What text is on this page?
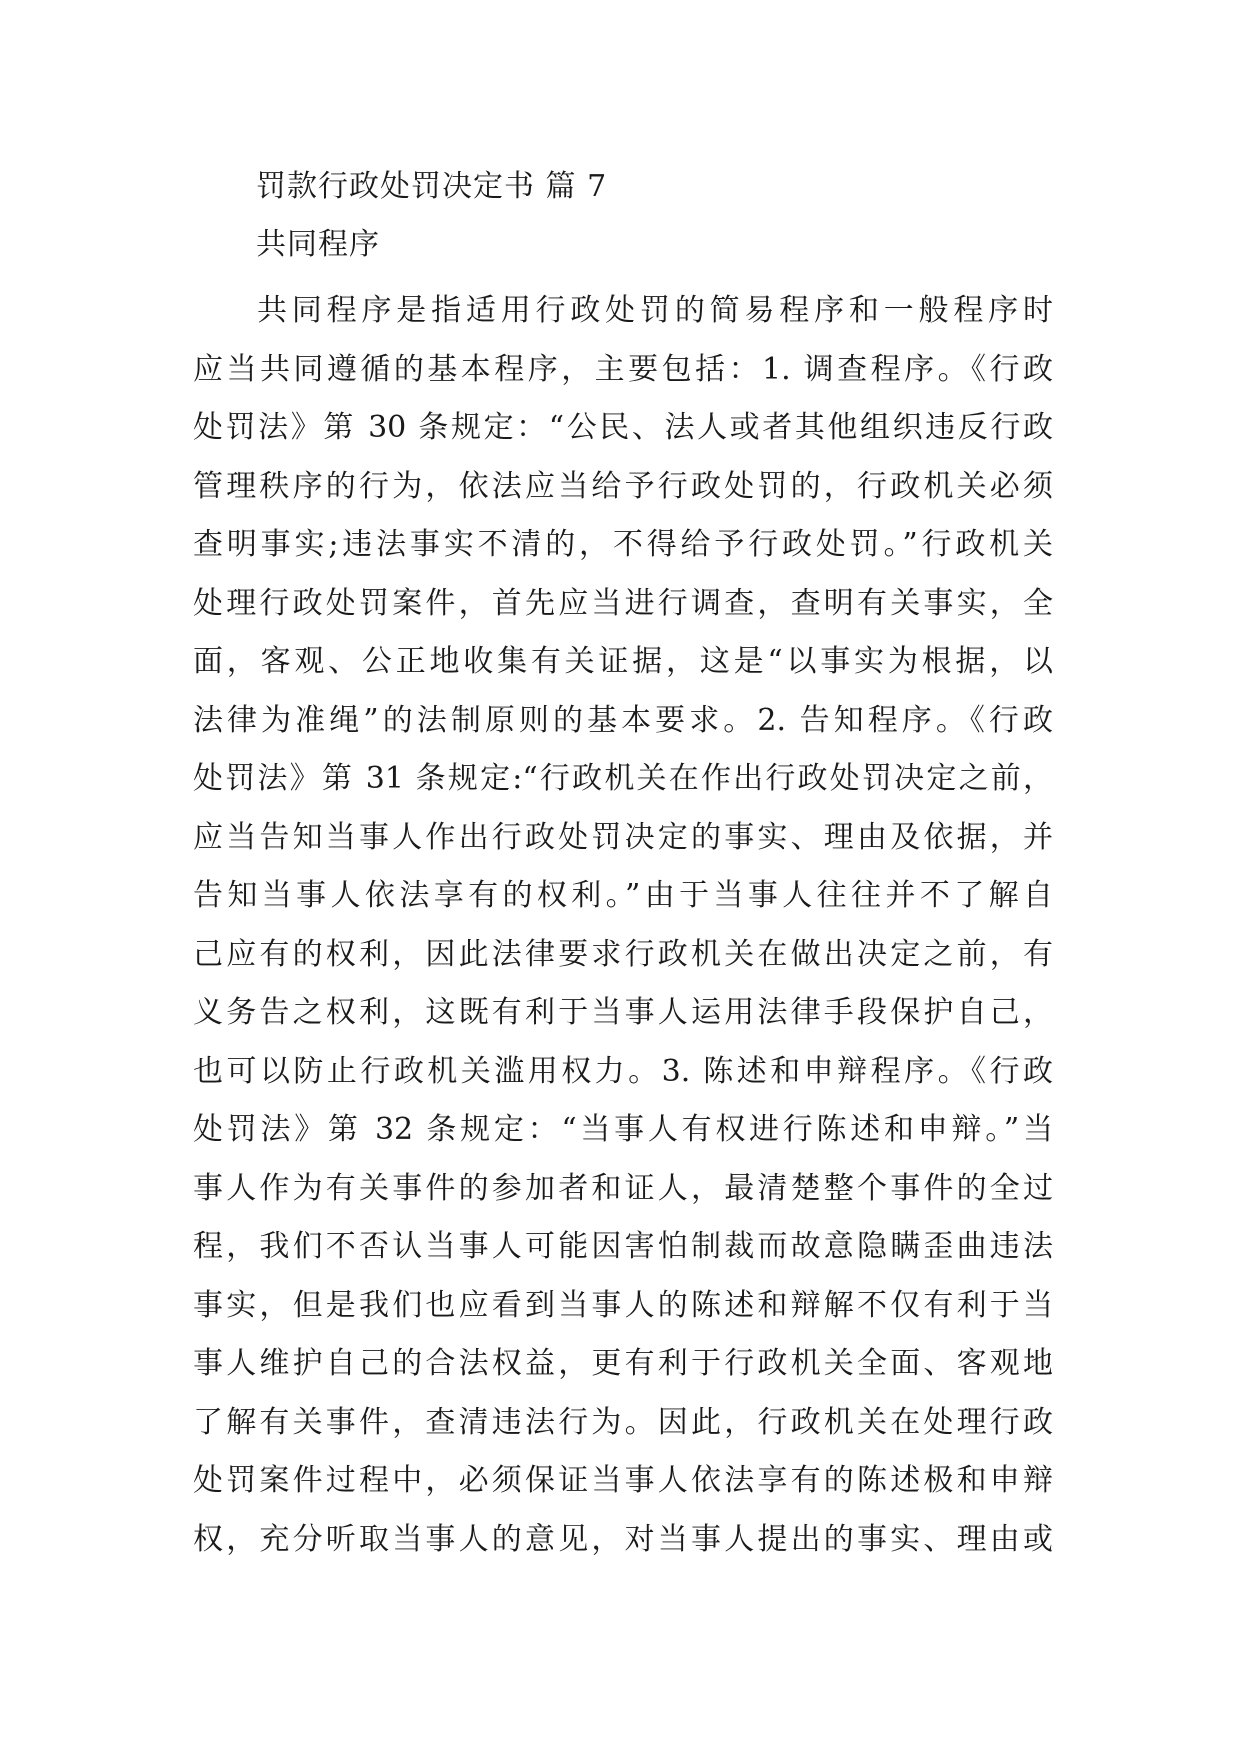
罚款行政处罚决定书 篇 7
共同程序
共同程序是指适用行政处罚的简易程序和一般程序时
应当共同遵循的基本程序，主要包括：1. 调查程序。《行政
处罚法》第 30 条规定：“公民、法人或者其他组织违反行政
管理秩序的行为，依法应当给予行政处罚的，行政机关必须
查明事实;违法事实不清的，不得给予行政处罚。”行政机关
处理行政处罚案件，首先应当进行调查，查明有关事实，全
面，客观、公正地收集有关证据，这是“以事实为根据，以
法律为准绳”的法制原则的基本要求。2. 告知程序。《行政
处罚法》第 31 条规定:“行政机关在作出行政处罚决定之前，
应当告知当事人作出行政处罚决定的事实、理由及依据，并
告知当事人依法享有的权利。”由于当事人往往并不了解自
己应有的权利，因此法律要求行政机关在做出决定之前，有
义务告之权利，这既有利于当事人运用法律手段保护自己，
也可以防止行政机关滥用权力。3. 陈述和申辩程序。《行政
处罚法》第 32 条规定：“当事人有权进行陈述和申辩。”当
事人作为有关事件的参加者和证人，最清楚整个事件的全过
程，我们不否认当事人可能因害怕制裁而故意隐瞒歪曲违法
事实，但是我们也应看到当事人的陈述和辩解不仅有利于当
事人维护自己的合法权益，更有利于行政机关全面、客观地
了解有关事件，查清违法行为。因此，行政机关在处理行政
处罚案件过程中，必须保证当事人依法享有的陈述极和申辩
权，充分听取当事人的意见，对当事人提出的事实、理由或
